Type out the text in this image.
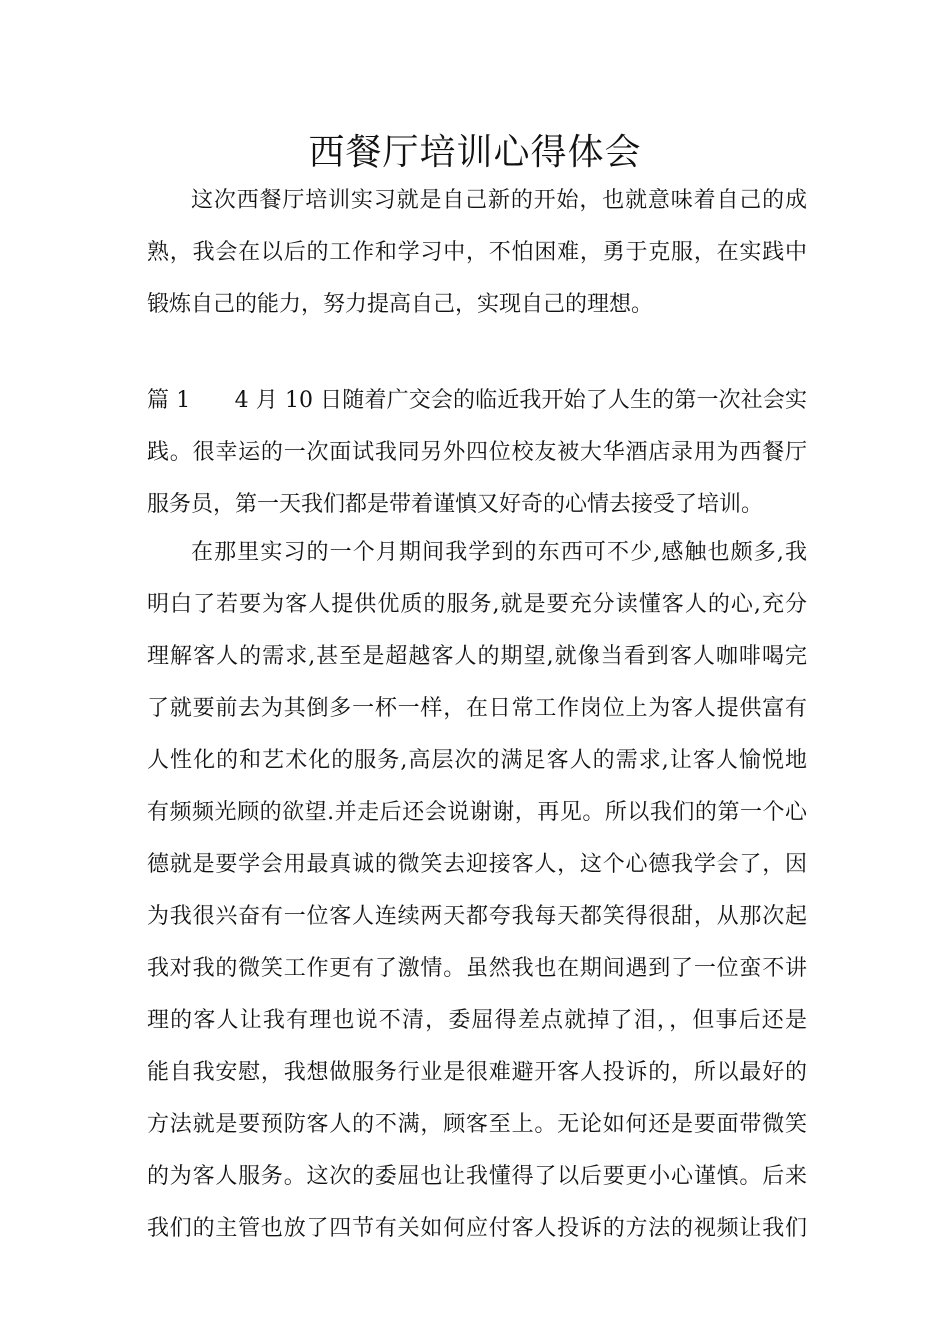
西餐厅培训心得体会
这次西餐厅培训实习就是自己新的开始，也就意味着自己的成
熟，我会在以后的工作和学习中，不怕困难，勇于克服，在实践中
锻炼自己的能力，努力提高自己，实现自己的理想。
篇 1　　4 月 10 日随着广交会的临近我开始了人生的第一次社会实
践。很幸运的一次面试我同另外四位校友被大华酒店录用为西餐厅
服务员，第一天我们都是带着谨慎又好奇的心情去接受了培训。
在那里实习的一个月期间我学到的东西可不少,感触也颇多,我
明白了若要为客人提供优质的服务,就是要充分读懂客人的心,充分
理解客人的需求,甚至是超越客人的期望,就像当看到客人咖啡喝完
了就要前去为其倒多一杯一样，在日常工作岗位上为客人提供富有
人性化的和艺术化的服务,高层次的满足客人的需求,让客人愉悦地
有频频光顾的欲望.并走后还会说谢谢，再见。所以我们的第一个心
德就是要学会用最真诚的微笑去迎接客人，这个心德我学会了，因
为我很兴奋有一位客人连续两天都夸我每天都笑得很甜，从那次起
我对我的微笑工作更有了激情。虽然我也在期间遇到了一位蛮不讲
理的客人让我有理也说不清，委屈得差点就掉了泪，，但事后还是
能自我安慰，我想做服务行业是很难避开客人投诉的，所以最好的
方法就是要预防客人的不满，顾客至上。无论如何还是要面带微笑
的为客人服务。这次的委屈也让我懂得了以后要更小心谨慎。后来
我们的主管也放了四节有关如何应付客人投诉的方法的视频让我们
